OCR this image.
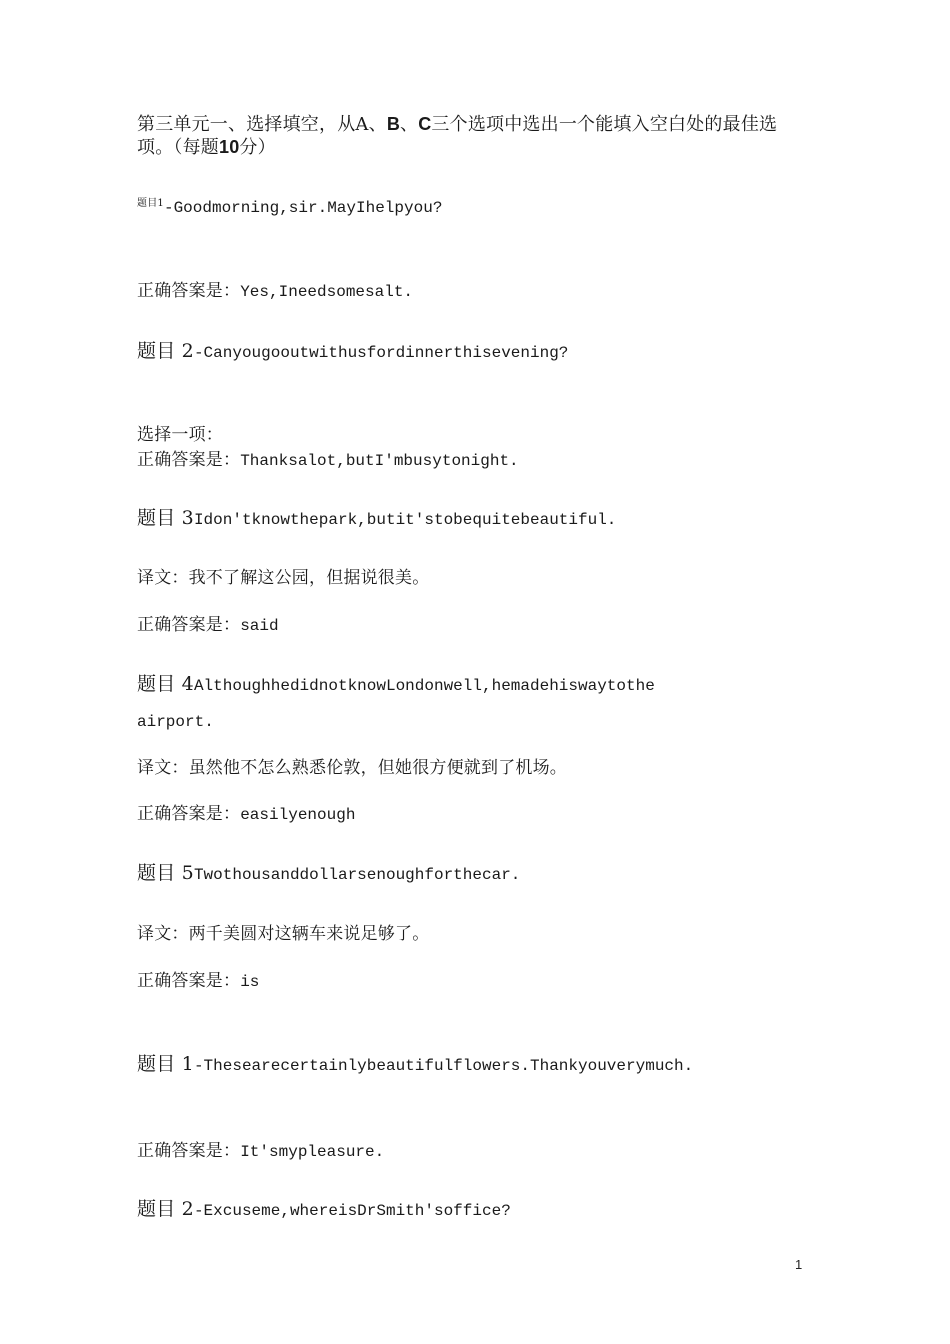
第三单元一、选择填空，从A、B、C三个选项中选出一个能填入空白处的最佳选
项。（每题10分）
$^{题目1}$-Goodmorning,sir.MayIhelpyou?
正确答案是：Yes,Ineedsomesalt.
题目 2-Canyougooutwithusfordinnerthisevening?
选择一项：
正确答案是：Thanksalot,butI'mbusytonight.
题目 3Idon'tknowthepark,butit'stobequitebeautiful.
译文：我不了解这公园，但据说很美。
正确答案是：said
题目 4AlthoughhedidnotknowLondonwell,hemadehiswaytothe
airport.
译文：虽然他不怎么熟悉伦敦，但她很方便就到了机场。
正确答案是：easilyenough
题目 5Twothousanddollarsenoughforthecar.
译文：两千美圆对这辆车来说足够了。
正确答案是：is
题目 1-Thesearecertainlybeautifulflowers.Thankyouverymuch.
正确答案是：It'smypleasure.
题目 2-Excuseme,whereisDrSmith'soffice?
1
